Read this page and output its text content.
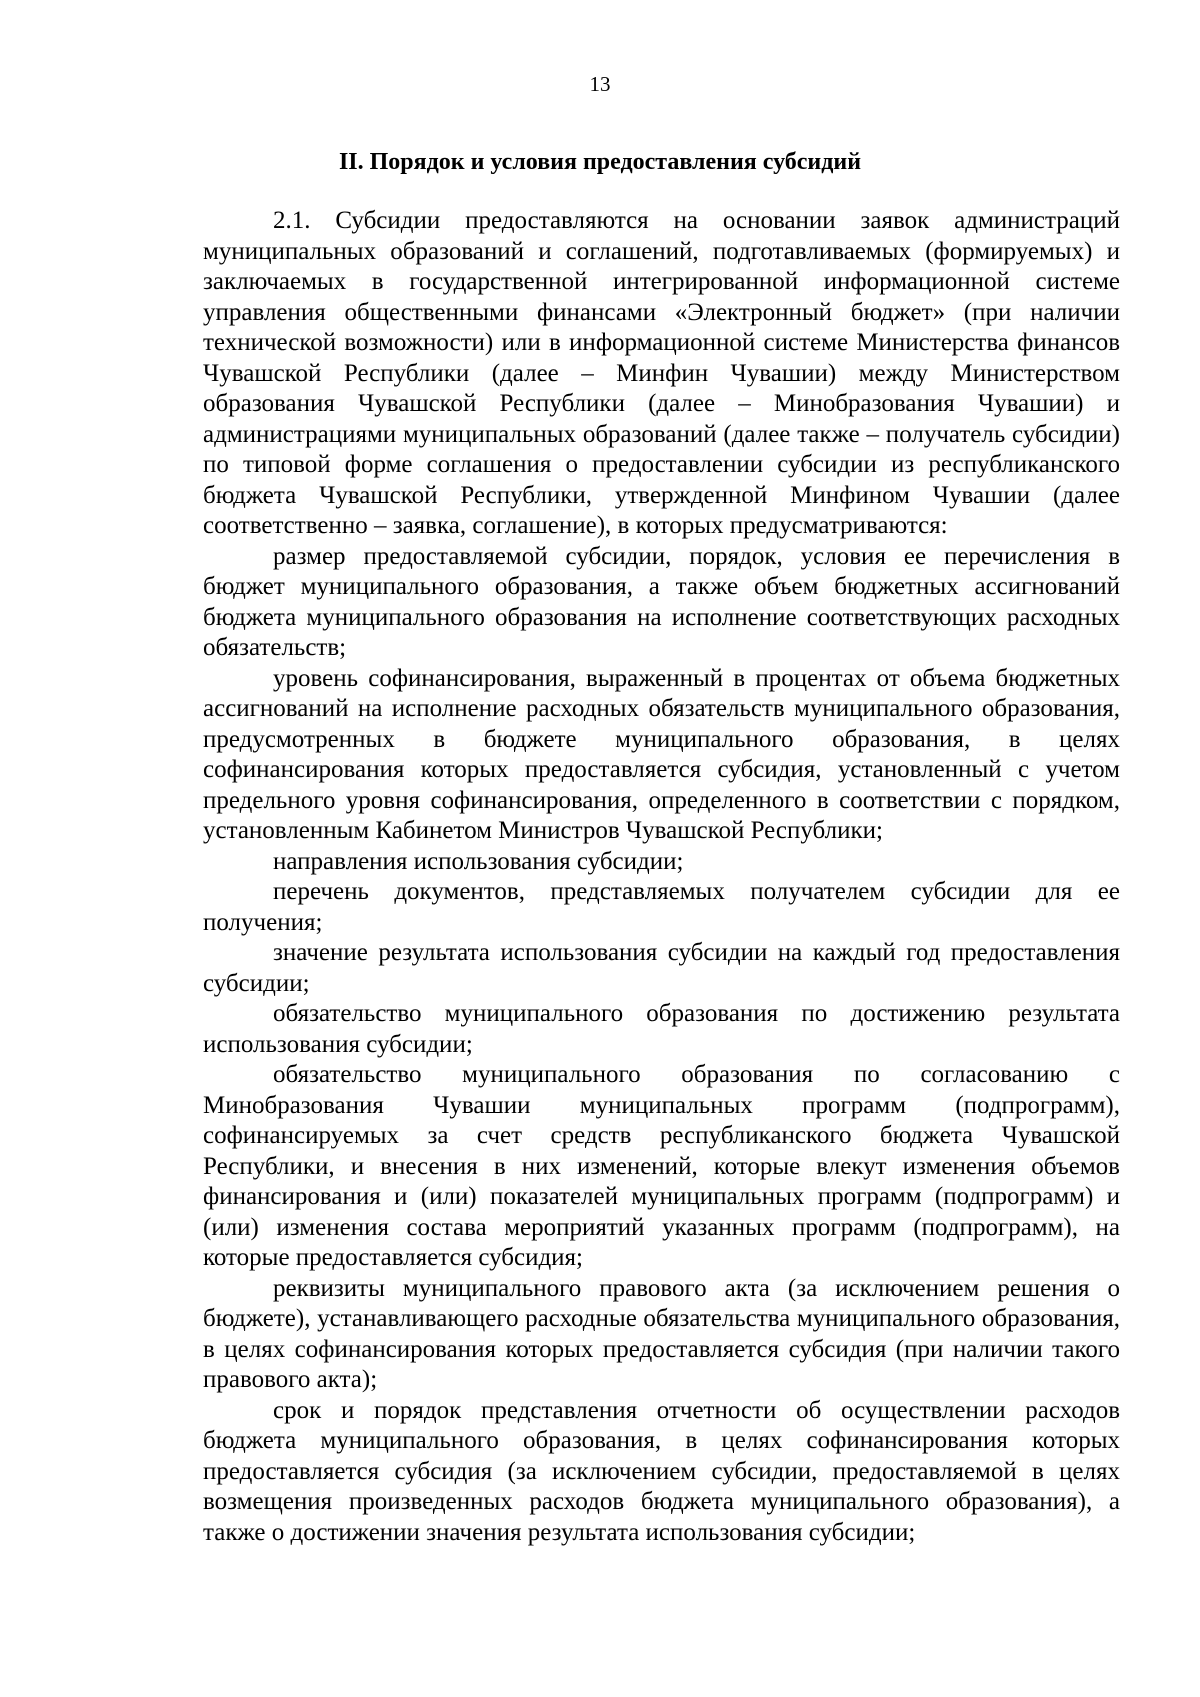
13
II. Порядок и условия предоставления субсидий

2.1. Субсидии предоставляются на основании заявок администраций муниципальных образований и соглашений, подготавливаемых (формируемых) и заключаемых в государственной интегрированной информационной системе управления общественными финансами «Электронный бюджет» (при наличии технической возможности) или в информационной системе Министерства финансов Чувашской Республики (далее – Минфин Чувашии) между Министерством образования Чувашской Республики (далее – Минобразования Чувашии) и администрациями муниципальных образований (далее также – получатель субсидии) по типовой форме соглашения о предоставлении субсидии из республиканского бюджета Чувашской Республики, утвержденной Минфином Чувашии (далее соответственно – заявка, соглашение), в которых предусматриваются:

размер предоставляемой субсидии, порядок, условия ее перечисления в бюджет муниципального образования, а также объем бюджетных ассигнований бюджета муниципального образования на исполнение соответствующих расходных обязательств;

уровень софинансирования, выраженный в процентах от объема бюджетных ассигнований на исполнение расходных обязательств муниципального образования, предусмотренных в бюджете муниципального образования, в целях софинансирования которых предоставляется субсидия, установленный с учетом предельного уровня софинансирования, определенного в соответствии с порядком, установленным Кабинетом Министров Чувашской Республики;

направления использования субсидии;

перечень документов, представляемых получателем субсидии для ее получения;

значение результата использования субсидии на каждый год предоставления субсидии;

обязательство муниципального образования по достижению результата использования субсидии;

обязательство муниципального образования по согласованию с Минобразования Чувашии муниципальных программ (подпрограмм), софинансируемых за счет средств республиканского бюджета Чувашской Республики, и внесения в них изменений, которые влекут изменения объемов финансирования и (или) показателей муниципальных программ (подпрограмм) и (или) изменения состава мероприятий указанных программ (подпрограмм), на которые предоставляется субсидия;

реквизиты муниципального правового акта (за исключением решения о бюджете), устанавливающего расходные обязательства муниципального образования, в целях софинансирования которых предоставляется субсидия (при наличии такого правового акта);

срок и порядок представления отчетности об осуществлении расходов бюджета муниципального образования, в целях софинансирования которых предоставляется субсидия (за исключением субсидии, предоставляемой в целях возмещения произведенных расходов бюджета муниципального образования), а также о достижении значения результата использования субсидии;
